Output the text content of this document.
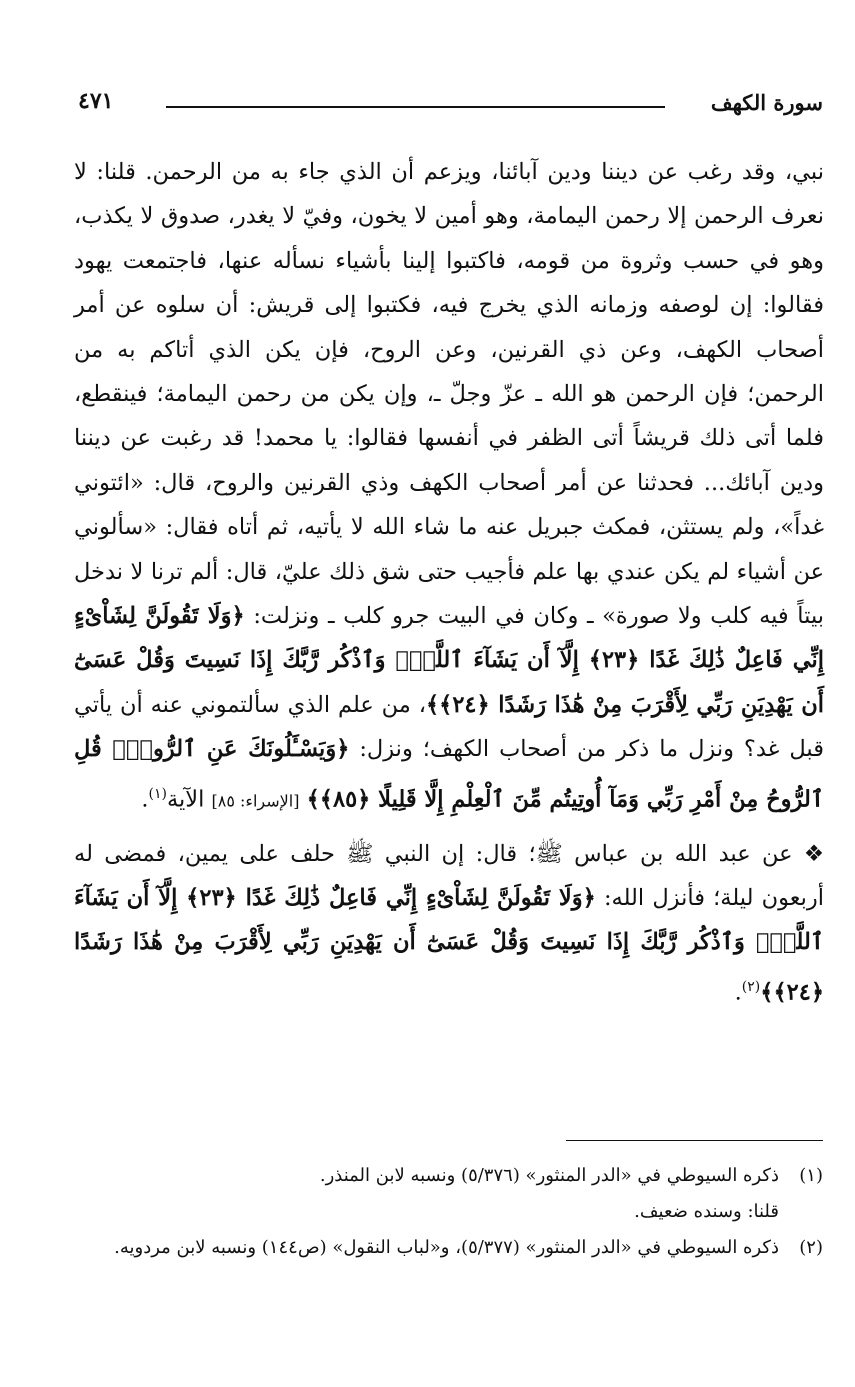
سورة الكهف
٤٧١

نبي، وقد رغب عن ديننا ودين آبائنا، ويزعم أن الذي جاء به من الرحمن. قلنا: لا نعرف الرحمن إلا رحمن اليمامة، وهو أمين لا يخون، وفيّ لا يغدر، صدوق لا يكذب، وهو في حسب وثروة من قومه، فاكتبوا إلينا بأشياء نسأله عنها، فاجتمعت يهود فقالوا: إن لوصفه وزمانه الذي يخرج فيه، فكتبوا إلى قريش: أن سلوه عن أمر أصحاب الكهف، وعن ذي القرنين، وعن الروح، فإن يكن الذي أتاكم به من الرحمن؛ فإن الرحمن هو الله ـ عزّ وجلّ ـ، وإن يكن من رحمن اليمامة؛ فينقطع، فلما أتى ذلك قريشاً أتى الظفر في أنفسها فقالوا: يا محمد! قد رغبت عن ديننا ودين آبائك... فحدثنا عن أمر أصحاب الكهف وذي القرنين والروح، قال: «ائتوني غداً»، ولم يستثن، فمكث جبريل عنه ما شاء الله لا يأتيه، ثم أتاه فقال: «سألوني عن أشياء لم يكن عندي بها علم فأجيب حتى شق ذلك عليّ، قال: ألم ترنا لا ندخل بيتاً فيه كلب ولا صورة» ـ وكان في البيت جرو كلب ـ ونزلت: ﴿وَلَا تَقُولَنَّ لِشَاْىْءٍ إِنِّي فَاعِلٌ ذَٰلِكَ غَدًا ﴿٢٣﴾ إِلَّآ أَن يَشَآءَ ٱللَّهُۚ وَٱذْكُر رَّبَّكَ إِذَا نَسِيتَ وَقُلْ عَسَىٰٓ أَن يَهْدِيَنِ رَبِّي لِأَقْرَبَ مِنْ هَٰذَا رَشَدًا ﴿٢٤﴾﴾، من علم الذي سألتموني عنه أن يأتي قبل غد؟ ونزل ما ذكر من أصحاب الكهف؛ ونزل: ﴿وَيَسْـَٔلُونَكَ عَنِ ٱلرُّوحِۖ قُلِ ٱلرُّوحُ مِنْ أَمْرِ رَبِّي وَمَآ أُوتِيتُم مِّنَ ٱلْعِلْمِ إِلَّا قَلِيلًا ﴿٨٥﴾﴾ [الإسراء: ٨٥] الآية$^{(١)}$.

❖ عن عبد الله بن عباس ﷺ؛ قال: إن النبي ﷺ حلف على يمين، فمضى له أربعون ليلة؛ فأنزل الله: ﴿وَلَا تَقُولَنَّ لِشَاْىْءٍ إِنِّي فَاعِلٌ ذَٰلِكَ غَدًا ﴿٢٣﴾ إِلَّآ أَن يَشَآءَ ٱللَّهُۚ وَٱذْكُر رَّبَّكَ إِذَا نَسِيتَ وَقُلْ عَسَىٰٓ أَن يَهْدِيَنِ رَبِّي لِأَقْرَبَ مِنْ هَٰذَا رَشَدًا ﴿٢٤﴾﴾$^{(٢)}$.

(١)
ذكره السيوطي في «الدر المنثور» (٥/٣٧٦) ونسبه لابن المنذر.

قلنا: وسنده ضعيف.

(٢)
ذكره السيوطي في «الدر المنثور» (٥/٣٧٧)، و«لباب النقول» (ص١٤٤) ونسبه لابن مردويه.
